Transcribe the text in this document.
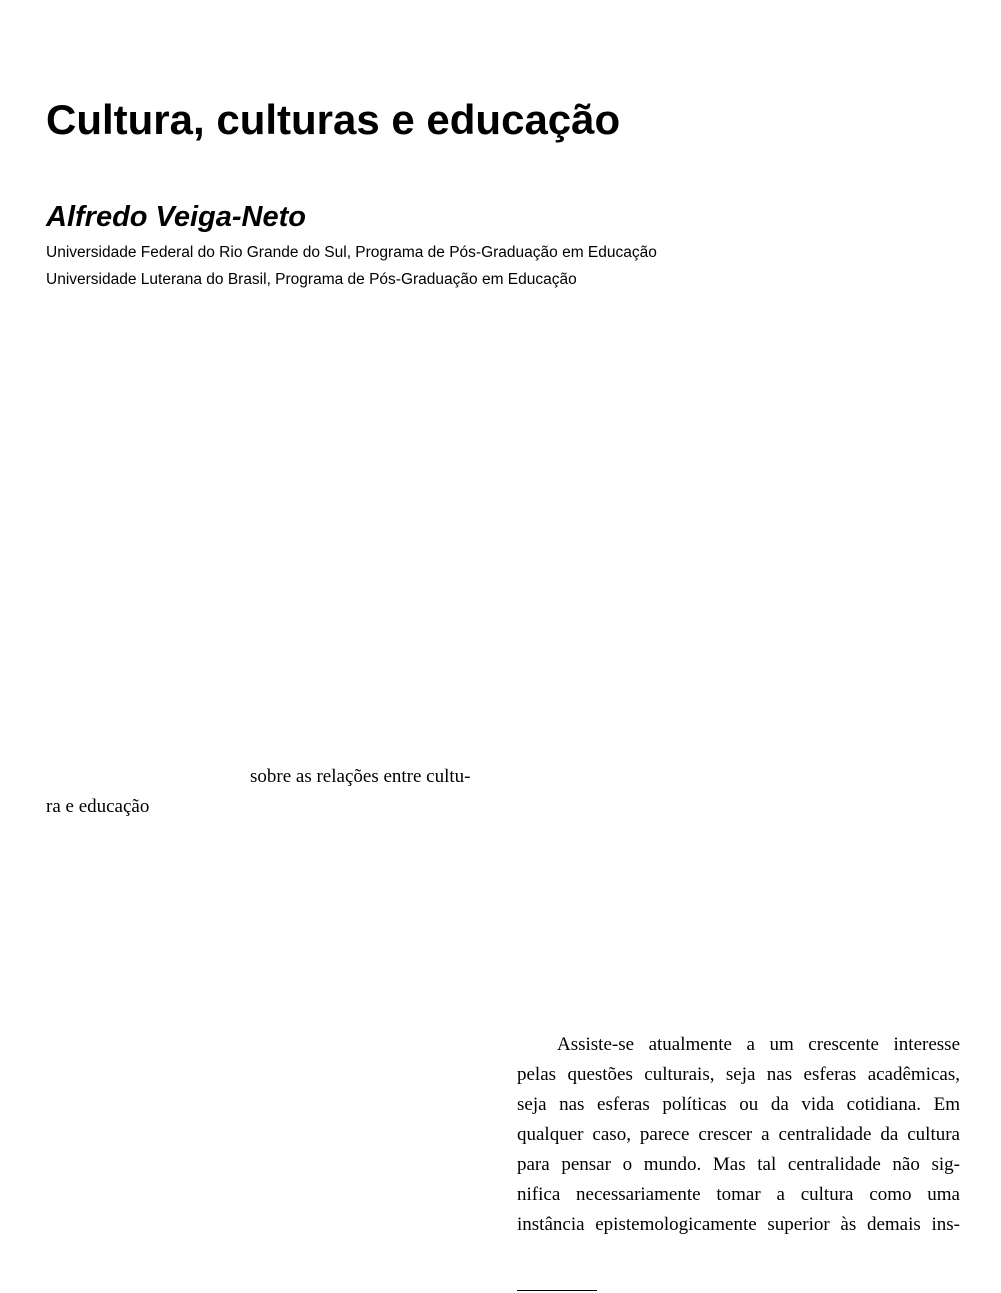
Cultura, culturas e educação
Alfredo Veiga-Neto

Universidade Federal do Rio Grande do Sul, Programa de Pós-Graduação em Educação

Universidade Luterana do Brasil, Programa de Pós-Graduação em Educação

sobre as relações entre cultu-

ra e educação

Assiste-se atualmente a um crescente interesse
pelas questões culturais, seja nas esferas acadêmicas,
seja nas esferas políticas ou da vida cotidiana. Em
qualquer caso, parece crescer a centralidade da cultura
para pensar o mundo. Mas tal centralidade não sig-
nifica necessariamente tomar a cultura como uma
instância epistemologicamente superior às demais ins-
